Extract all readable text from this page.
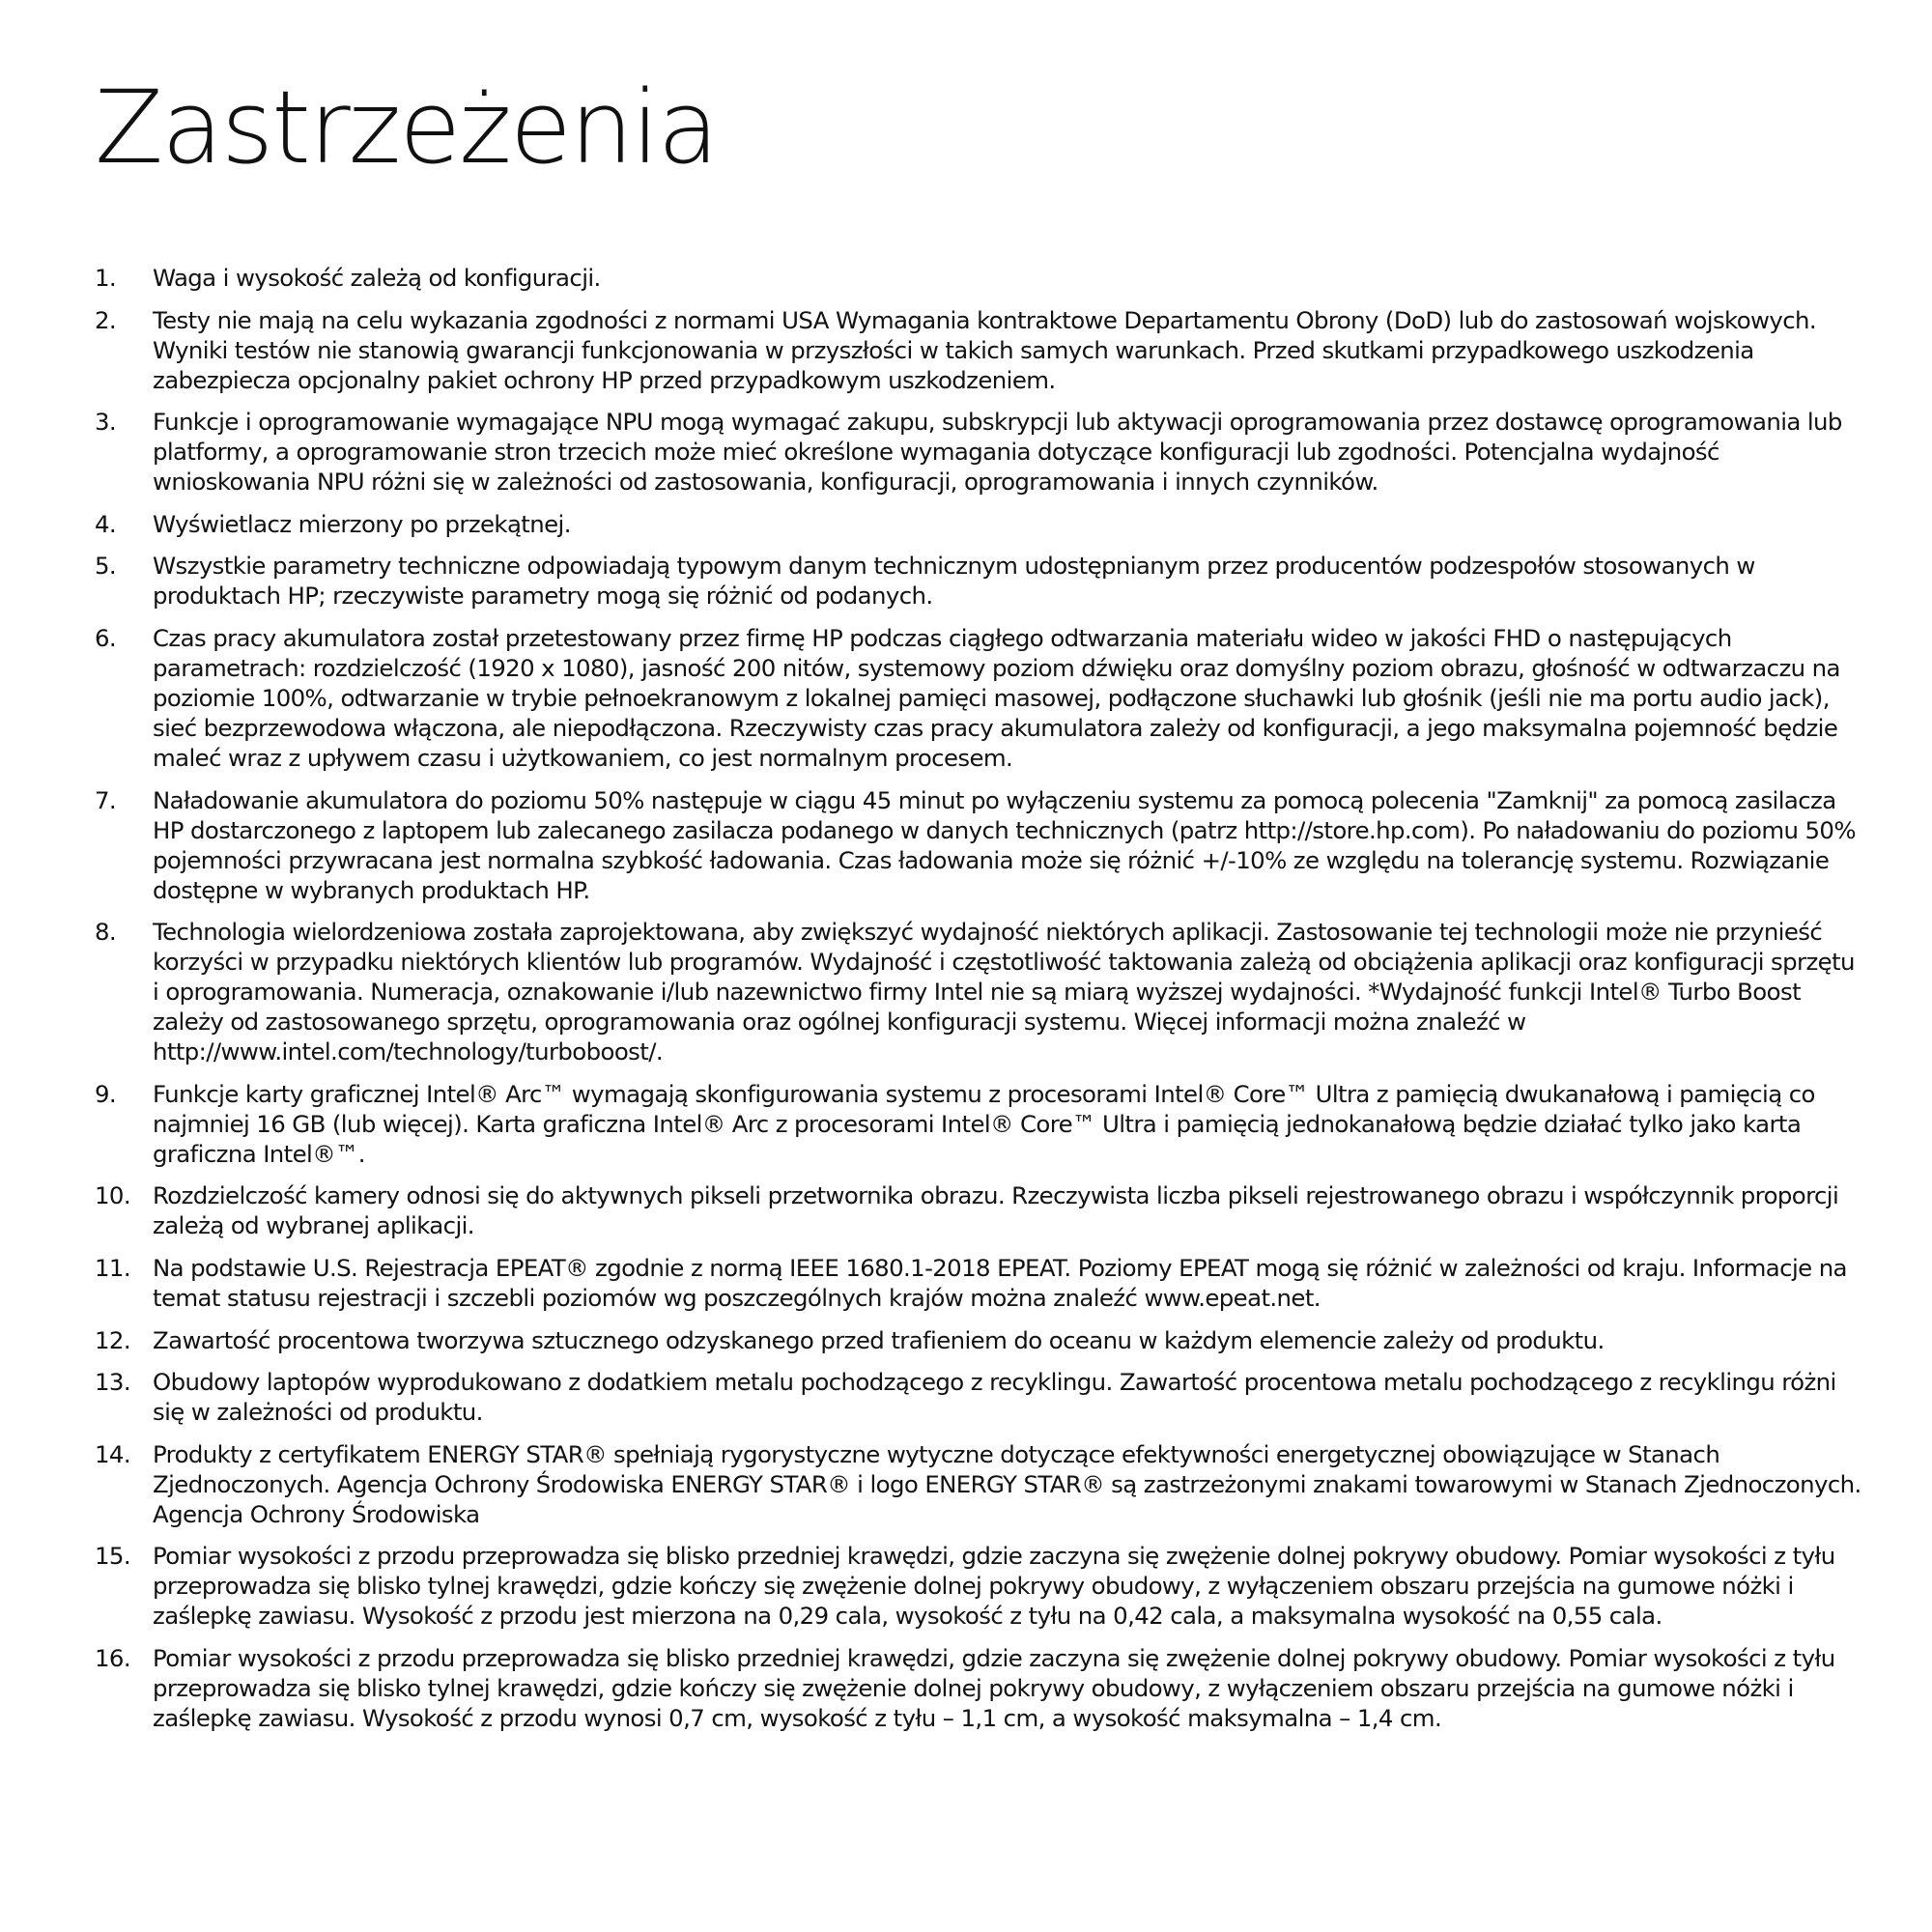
Zastrzeżenia
1.	Waga i wysokość zależą od konfiguracji.
2.	Testy nie mają na celu wykazania zgodności z normami USA Wymagania kontraktowe Departamentu Obrony (DoD) lub do zastosowań wojskowych. Wyniki testów nie stanowią gwarancji funkcjonowania w przyszłości w takich samych warunkach. Przed skutkami przypadkowego uszkodzenia zabezpiecza opcjonalny pakiet ochrony HP przed przypadkowym uszkodzeniem.
3.	Funkcje i oprogramowanie wymagające NPU mogą wymagać zakupu, subskrypcji lub aktywacji oprogramowania przez dostawcę oprogramowania lub platformy, a oprogramowanie stron trzecich może mieć określone wymagania dotyczące konfiguracji lub zgodności. Potencjalna wydajność wnioskowania NPU różni się w zależności od zastosowania, konfiguracji, oprogramowania i innych czynników.
4.	Wyświetlacz mierzony po przekątnej.
5.	Wszystkie parametry techniczne odpowiadają typowym danym technicznym udostępnianym przez producentów podzespołów stosowanych w produktach HP; rzeczywiste parametry mogą się różnić od podanych.
6.	Czas pracy akumulatora został przetestowany przez firmę HP podczas ciągłego odtwarzania materiału wideo w jakości FHD o następujących parametrach: rozdzielczość (1920 x 1080), jasność 200 nitów, systemowy poziom dźwięku oraz domyślny poziom obrazu, głośność w odtwarzaczu na poziomie 100%, odtwarzanie w trybie pełnoekranowym z lokalnej pamięci masowej, podłączone słuchawki lub głośnik (jeśli nie ma portu audio jack), sieć bezprzewodowa włączona, ale niepodłączona. Rzeczywisty czas pracy akumulatora zależy od konfiguracji, a jego maksymalna pojemność będzie maleć wraz z upływem czasu i użytkowaniem, co jest normalnym procesem.
7.	Naładowanie akumulatora do poziomu 50% następuje w ciągu 45 minut po wyłączeniu systemu za pomocą polecenia "Zamknij" za pomocą zasilacza HP dostarczonego z laptopem lub zalecanego zasilacza podanego w danych technicznych (patrz http://store.hp.com). Po naładowaniu do poziomu 50% pojemności przywracana jest normalna szybkość ładowania. Czas ładowania może się różnić +/-10% ze względu na tolerancję systemu. Rozwiązanie dostępne w wybranych produktach HP.
8.	Technologia wielordzeniowa została zaprojektowana, aby zwiększyć wydajność niektórych aplikacji. Zastosowanie tej technologii może nie przynieść korzyści w przypadku niektórych klientów lub programów. Wydajność i częstotliwość taktowania zależą od obciążenia aplikacji oraz konfiguracji sprzętu i oprogramowania. Numeracja, oznakowanie i/lub nazewnictwo firmy Intel nie są miarą wyższej wydajności. *Wydajność funkcji Intel® Turbo Boost zależy od zastosowanego sprzętu, oprogramowania oraz ogólnej konfiguracji systemu. Więcej informacji można znaleźć w http://www.intel.com/technology/turboboost/.
9.	Funkcje karty graficznej Intel® Arc™ wymagają skonfigurowania systemu z procesorami Intel® Core™ Ultra z pamięcią dwukanałową i pamięcią co najmniej 16 GB (lub więcej). Karta graficzna Intel® Arc z procesorami Intel® Core™ Ultra i pamięcią jednokanałową będzie działać tylko jako karta graficzna Intel®™.
10. Rozdzielczość kamery odnosi się do aktywnych pikseli przetwornika obrazu. Rzeczywista liczba pikseli rejestrowanego obrazu i współczynnik proporcji zależą od wybranej aplikacji.
11. Na podstawie U.S. Rejestracja EPEAT® zgodnie z normą IEEE 1680.1-2018 EPEAT. Poziomy EPEAT mogą się różnić w zależności od kraju. Informacje na temat statusu rejestracji i szczebli poziomów wg poszczególnych krajów można znaleźć www.epeat.net.
12. Zawartość procentowa tworzywa sztucznego odzyskanego przed trafieniem do oceanu w każdym elemencie zależy od produktu.
13. Obudowy laptopów wyprodukowano z dodatkiem metalu pochodzącego z recyklingu. Zawartość procentowa metalu pochodzącego z recyklingu różni się w zależności od produktu.
14. Produkty z certyfikatem ENERGY STAR® spełniają rygorystyczne wytyczne dotyczące efektywności energetycznej obowiązujące w Stanach Zjednoczonych. Agencja Ochrony Środowiska ENERGY STAR® i logo ENERGY STAR® są zastrzeżonymi znakami towarowymi w Stanach Zjednoczonych. Agencja Ochrony Środowiska
15. Pomiar wysokości z przodu przeprowadza się blisko przedniej krawędzi, gdzie zaczyna się zwężenie dolnej pokrywy obudowy. Pomiar wysokości z tyłu przeprowadza się blisko tylnej krawędzi, gdzie kończy się zwężenie dolnej pokrywy obudowy, z wyłączeniem obszaru przejścia na gumowe nóżki i zaślepkę zawiasu. Wysokość z przodu jest mierzona na 0,29 cala, wysokość z tyłu na 0,42 cala, a maksymalna wysokość na 0,55 cala.
16. Pomiar wysokości z przodu przeprowadza się blisko przedniej krawędzi, gdzie zaczyna się zwężenie dolnej pokrywy obudowy. Pomiar wysokości z tyłu przeprowadza się blisko tylnej krawędzi, gdzie kończy się zwężenie dolnej pokrywy obudowy, z wyłączeniem obszaru przejścia na gumowe nóżki i zaślepkę zawiasu. Wysokość z przodu wynosi 0,7 cm, wysokość z tyłu – 1,1 cm, a wysokość maksymalna – 1,4 cm.
